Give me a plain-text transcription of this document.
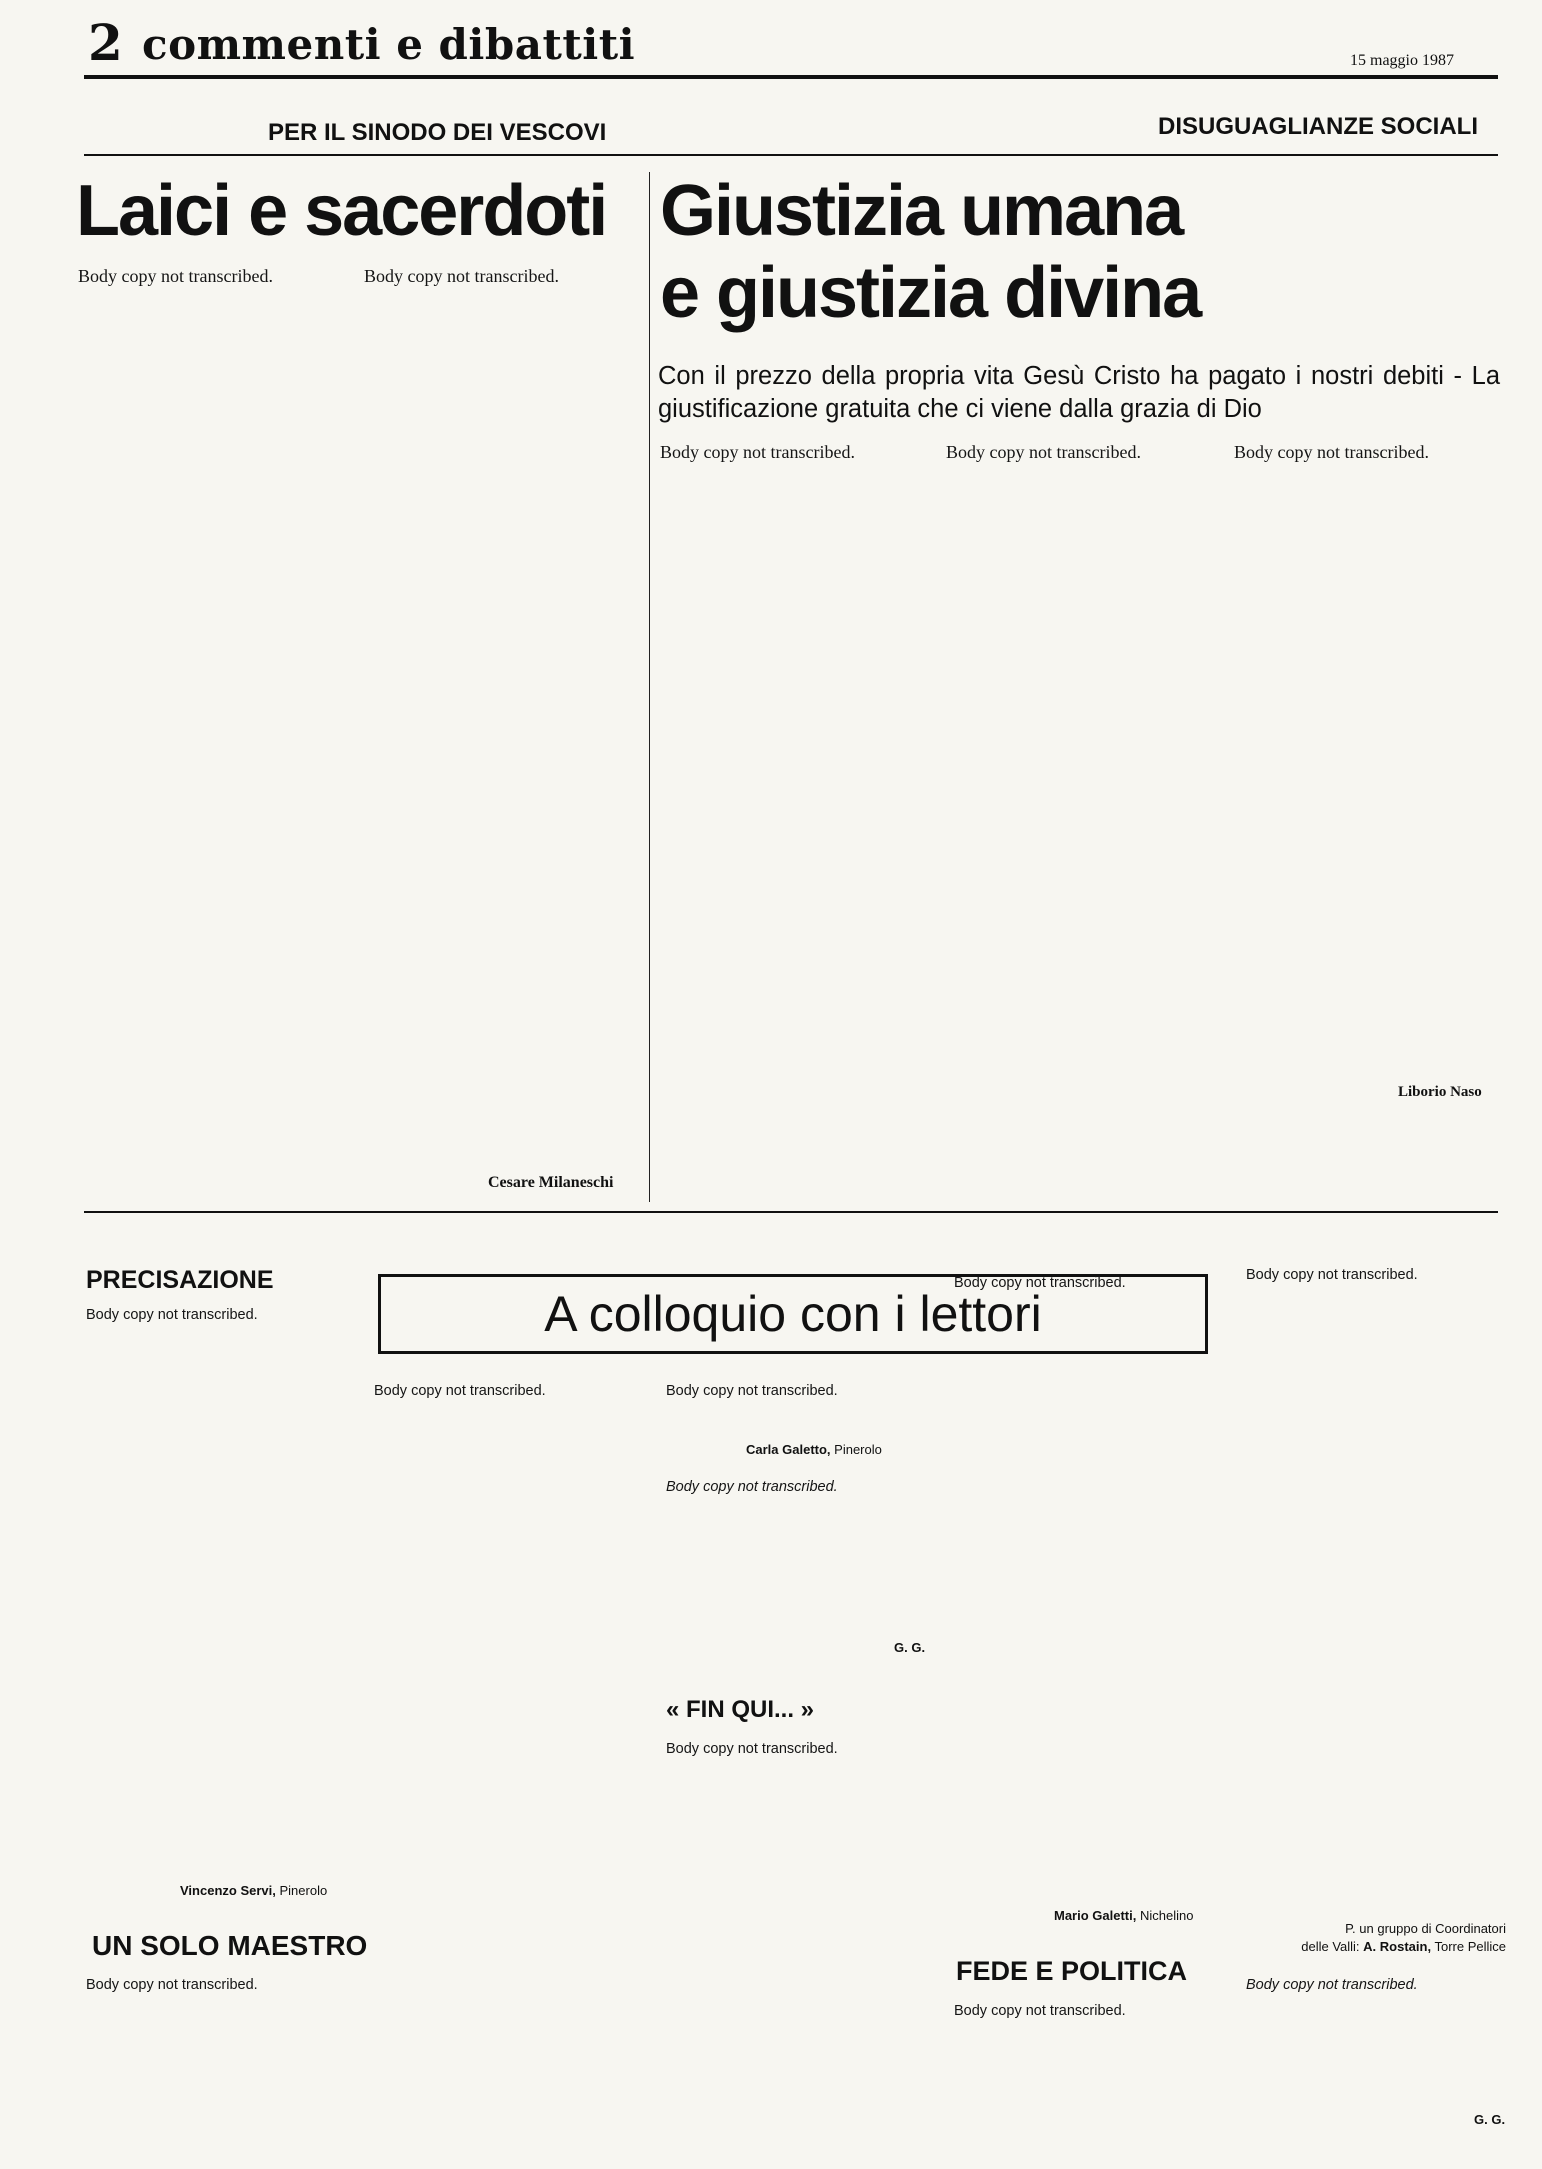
2 commenti e dibattiti	15 maggio 1987
PER IL SINODO DEI VESCOVI	DISUGUAGLIANZE SOCIALI
Laici e sacerdoti Giustizia umana
e giustizia divina
Con il prezzo della propria vita Gesù Cristo ha pagato i nostri debiti - La giustificazione gratuita che ci viene dalla grazia di Dio
Body copy not transcribed.	Body copy not transcribed.
Cesare Milaneschi
Body copy not transcribed.	Body copy not transcribed.	Body copy not transcribed.
Liborio Naso
PRECISAZIONE
Body copy not transcribed.
Vincenzo Servi, Pinerolo
UN SOLO MAESTRO
Body copy not transcribed.
A colloquio con i lettori
Body copy not transcribed.	Body copy not transcribed.
Carla Galetto, Pinerolo
Body copy not transcribed.
G. G.
« FIN QUI... »
Body copy not transcribed.
Body copy not transcribed.
Mario Galetti, Nichelino
FEDE E POLITICA
Body copy not transcribed.
Body copy not transcribed.
P. un gruppo di Coordinatori
delle Valli: A. Rostain, Torre Pellice
Body copy not transcribed.
G. G.
